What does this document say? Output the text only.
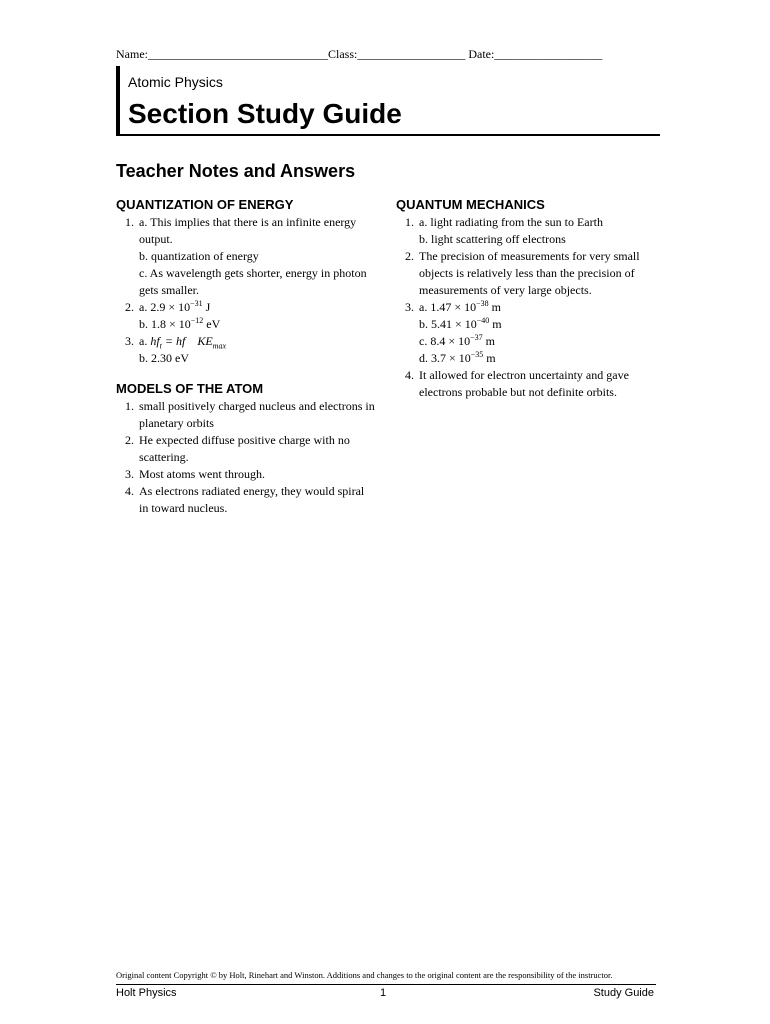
Name:______________________________Class:__________________ Date:__________________
Atomic Physics
Section Study Guide
Teacher Notes and Answers
QUANTIZATION OF ENERGY
1. a. This implies that there is an infinite energy output.
b. quantization of energy
c. As wavelength gets shorter, energy in photon gets smaller.
2. a. $2.9 \times 10^{-31}$ J
b. $1.8 \times 10^{-12}$ eV
3. a. $hf_t$ = hf    $KE_{max}$
b. 2.30 eV
MODELS OF THE ATOM
1. small positively charged nucleus and electrons in planetary orbits
2. He expected diffuse positive charge with no scattering.
3. Most atoms went through.
4. As electrons radiated energy, they would spiral in toward nucleus.
QUANTUM MECHANICS
1. a. light radiating from the sun to Earth
b. light scattering off electrons
2. The precision of measurements for very small objects is relatively less than the precision of measurements of very large objects.
3. a. $1.47 \times 10^{-38}$ m
b. $5.41 \times 10^{-40}$ m
c. $8.4 \times 10^{-37}$ m
d. $3.7 \times 10^{-35}$ m
4. It allowed for electron uncertainty and gave electrons probable but not definite orbits.
Original content Copyright © by Holt, Rinehart and Winston. Additions and changes to the original content are the responsibility of the instructor.
Holt Physics	1	Study Guide
